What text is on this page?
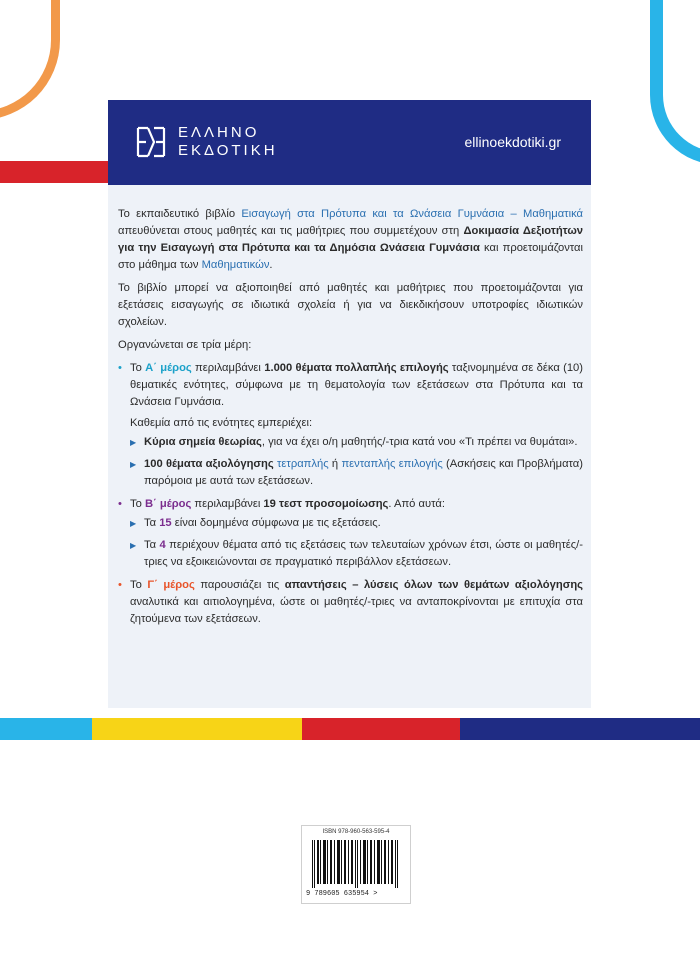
ΕΛΛΗΝΟ
ΕΚΔΟΤΙΚΗ	ellinoekdotiki.gr

Το εκπαιδευτικό βιβλίο Εισαγωγή στα Πρότυπα και τα Ωνάσεια Γυμνάσια – Μαθηματικά απευθύνεται στους μαθητές και τις μαθήτριες που συμμετέχουν στη Δοκιμασία Δεξιοτήτων για την Εισαγωγή στα Πρότυπα και τα Δημόσια Ωνάσεια Γυμνάσια και προετοιμάζονται στο μάθημα των Μαθηματικών.

Το βιβλίο μπορεί να αξιοποιηθεί από μαθητές και μαθήτριες που προετοιμάζονται για εξετάσεις εισαγωγής σε ιδιωτικά σχολεία ή για να διεκδικήσουν υποτροφίες ιδιωτικών σχολείων.

Οργανώνεται σε τρία μέρη:

• Το Α΄ μέρος περιλαμβάνει 1.000 θέματα πολλαπλής επιλογής ταξινομημένα σε δέκα (10) θεματικές ενότητες, σύμφωνα με τη θεματολογία των εξετάσεων στα Πρότυπα και τα Ωνάσεια Γυμνάσια.

Καθεμία από τις ενότητες εμπεριέχει:

▶ Κύρια σημεία θεωρίας, για να έχει ο/η μαθητής/-τρια κατά νου «Τι πρέπει να θυμάται».
▶ 100 θέματα αξιολόγησης τετραπλής ή πενταπλής επιλογής (Ασκήσεις και Προβλήματα) παρόμοια με αυτά των εξετάσεων.
• Το Β΄ μέρος περιλαμβάνει 19 τεστ προσομοίωσης. Από αυτά:
▶ Τα 15 είναι δομημένα σύμφωνα με τις εξετάσεις.
▶ Τα 4 περιέχουν θέματα από τις εξετάσεις των τελευταίων χρόνων έτσι, ώστε οι μαθητές/-τριες να εξοικειώνονται σε πραγματικό περιβάλλον εξετάσεων.
• Το Γ΄ μέρος παρουσιάζει τις απαντήσεις – λύσεις όλων των θεμάτων αξιολόγησης αναλυτικά και αιτιολογημένα, ώστε οι μαθητές/-τριες να ανταποκρίνονται με επιτυχία στα ζητούμενα των εξετάσεων.
ISBN 978-960-563-595-4
9 789605 635954 >
